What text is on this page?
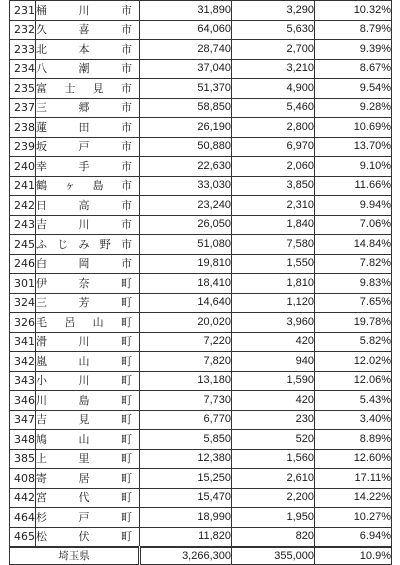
231	桶 川 市	31,890	3,290	10.32%
232	久 喜 市	64,060	5,630	8.79%
233	北 本 市	28,740	2,700	9.39%
234	八 潮 市	37,040	3,210	8.67%
235	富 士 見 市	51,370	4,900	9.54%
237	三 郷 市	58,850	5,460	9.28%
238	蓮 田 市	26,190	2,800	10.69%
239	坂 戸 市	50,880	6,970	13.70%
240	幸 手 市	22,630	2,060	9.10%
241	鶴 ヶ 島 市	33,030	3,850	11.66%
242	日 高 市	23,240	2,310	9.94%
243	吉 川 市	26,050	1,840	7.06%
245	ふじみ野市	51,080	7,580	14.84%
246	白 岡 市	19,810	1,550	7.82%
301	伊 奈 町	18,410	1,810	9.83%
324	三 芳 町	14,640	1,120	7.65%
326	毛 呂 山 町	20,020	3,960	19.78%
341	滑 川 町	7,220	420	5.82%
342	嵐 山 町	7,820	940	12.02%
343	小 川 町	13,180	1,590	12.06%
346	川 島 町	7,730	420	5.43%
347	吉 見 町	6,770	230	3.40%
348	鳩 山 町	5,850	520	8.89%
385	上 里 町	12,380	1,560	12.60%
408	寄 居 町	15,250	2,610	17.11%
442	宮 代 町	15,470	2,200	14.22%
464	杉 戸 町	18,990	1,950	10.27%
465	松 伏 町	11,820	820	6.94%
埼玉県		3,266,300	355,000	10.9%
